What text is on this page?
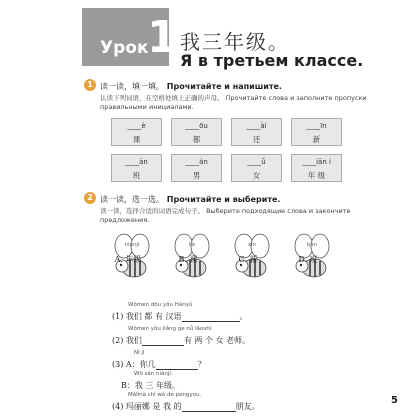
Урок
1 我三年级。
Я в третьем классе.
1 读一读，填一填。 Прочитайте и напишите.
认读下列词语，在空格处填上正确的声母。 Прочитайте слова и заполните пропуски
правильными инициалами.
____è
课
____ōu
都
____ài
还
____īn
新
____ān
班
____án
男
____ǚ
女
____iān í
年 级
2 读一读，选一选。 Прочитайте и выберите.
读一读，选择合适的词语完成句子。 Выберите подходящие слова и закончите
предложения.
niánjí
A. 年级
kè
B. 课
xīn
C. 新
bān
D. 班
Wǒmen dōu yǒu Hànyǔ
(1) 我们 都 有 汉语	。
Wǒmen yǒu liǎng ge nǚ lǎoshī.
(2) 我们	有 两 个 女 老师。
Nǐ jǐ
(3) A：你几	？
Wǒ sān niánjí.
B：我 三 年级。
Mǎlìnà shì wǒ de péngyou.
(4) 玛丽娜 是 我 的	朋友。
5
